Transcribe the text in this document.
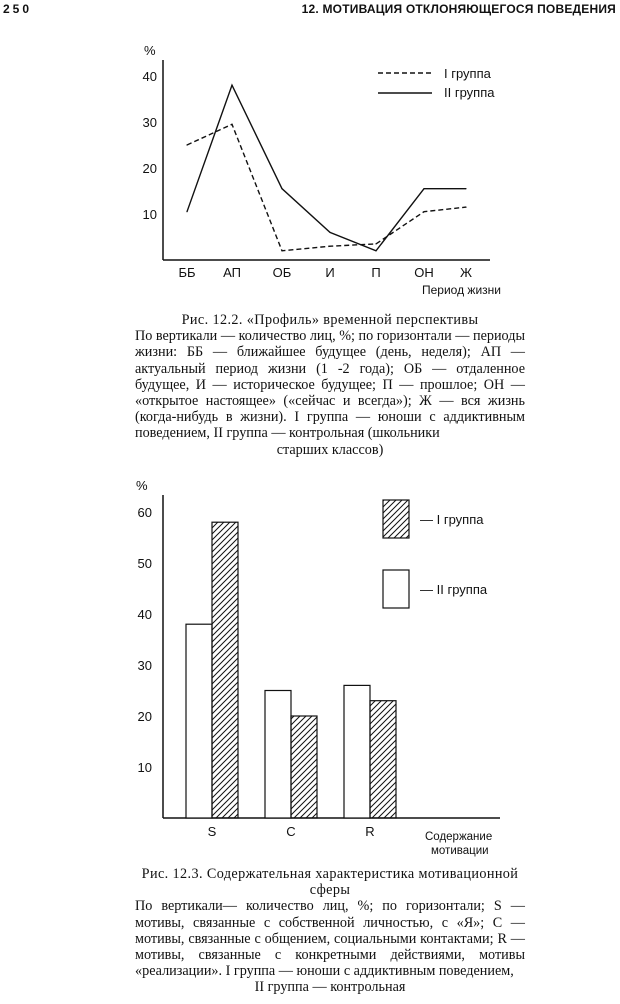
250	12. МОТИВАЦИЯ ОТКЛОНЯЮЩЕГОСЯ ПОВЕДЕНИЯ
%
10
20
30
40
ББ АП ОБ	И	П	ОН Ж
I группа
II группа
Период жизни

Рис. 12.2. «Профиль» временной перспективы

По вертикали — количество лиц, %; по горизонтали — периоды жизни: ББ — ближайшее будущее (день, неделя); АП — актуальный период жизни (1 -2 года); ОБ — отдаленное будущее, И — историческое будущее; П — прошлое; ОН — «открытое настоящее» («сейчас и всегда»); Ж — вся жизнь (когда-нибудь в жизни). I группа — юноши с аддиктивным поведением, II группа — контрольная (школьники

старших классов)

%
10
20
30
40
50
60
S	C	R
— I группа
— II группа
Содержание
мотивации

Рис. 12.3. Содержательная характеристика мотивационной сферы

По вертикали— количество лиц, %; по горизонтали; S — мотивы, связанные с собственной личностью, с «Я»; С — мотивы, связанные с общением, социальными контактами; R — мотивы, связанные с конкретными действиями, мотивы «реализации». I группа — юноши с аддиктивным поведением,

II группа — контрольная
